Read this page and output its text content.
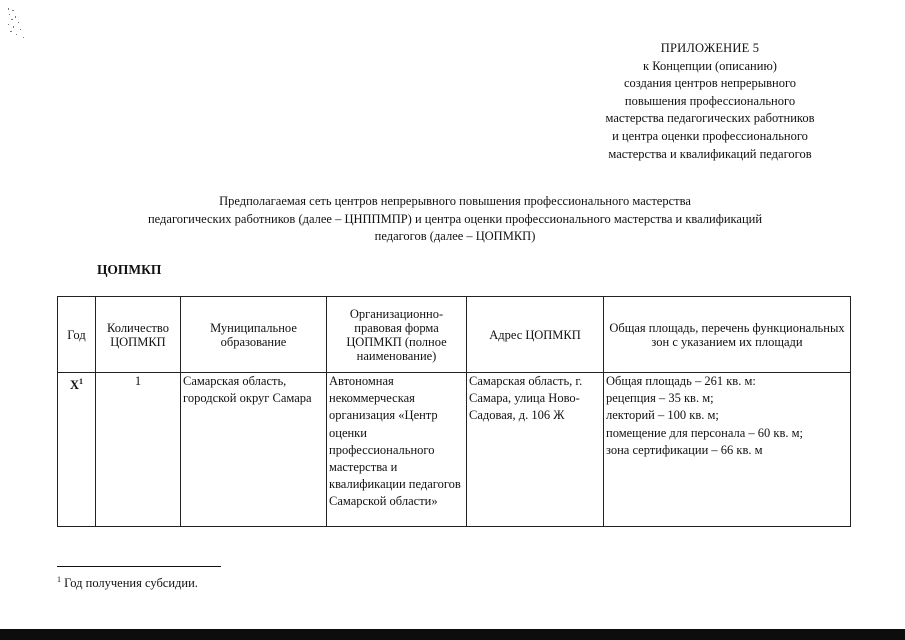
ПРИЛОЖЕНИЕ 5
к Концепции (описанию)
создания центров непрерывного
повышения профессионального
мастерства педагогических работников
и центра оценки профессионального
мастерства и квалификаций педагогов
Предполагаемая сеть центров непрерывного повышения профессионального мастерства
педагогических работников (далее – ЦНППМПР) и центра оценки профессионального мастерства и квалификаций
педагогов (далее – ЦОПМКП)
ЦОПМКП
Год	Количество ЦОПМКП	Муниципальное образование	Организационно-правовая форма ЦОПМКП (полное наименование)	Адрес ЦОПМКП	Общая площадь, перечень функциональных зон с указанием их площади
$X^1$	1	Самарская область, городской округ Самара	Автономная некоммерческая организация «Центр оценки профессионального мастерства и квалификации педагогов Самарской области»	Самарская область, г. Самара, улица Ново-Садовая, д. 106 Ж	Общая площадь – 261 кв. м:
рецепция – 35 кв. м;
лекторий – 100 кв. м;
помещение для персонала – 60 кв. м;
зона сертификации – 66 кв. м
$^1$ Год получения субсидии.
